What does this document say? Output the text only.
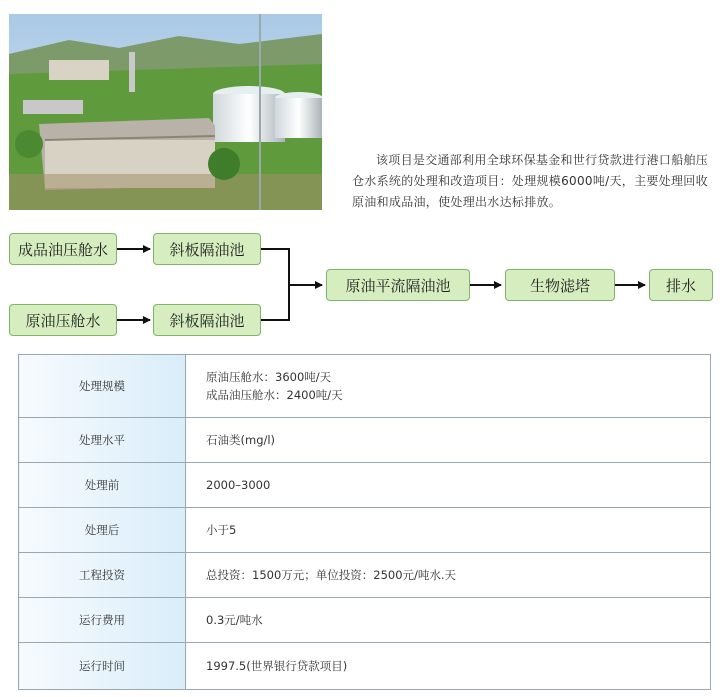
该项目是交通部利用全球环保基金和世行贷款进行港口船舶压仓水系统的处理和改造项目：处理规模6000吨/天，主要处理回收原油和成品油，使处理出水达标排放。

成品油压舱水	斜板隔油池
原油压舱水	斜板隔油池
原油平流隔油池	生物滤塔	排水
处理规模	原油压舱水：3600吨/天
成品油压舱水：2400吨/天

处理水平	石油类(mg/l)
处理前	2000–3000
处理后	小于5
工程投资	总投资：1500万元；单位投资：2500元/吨水.天
运行费用	0.3元/吨水
运行时间	1997.5(世界银行贷款项目)
